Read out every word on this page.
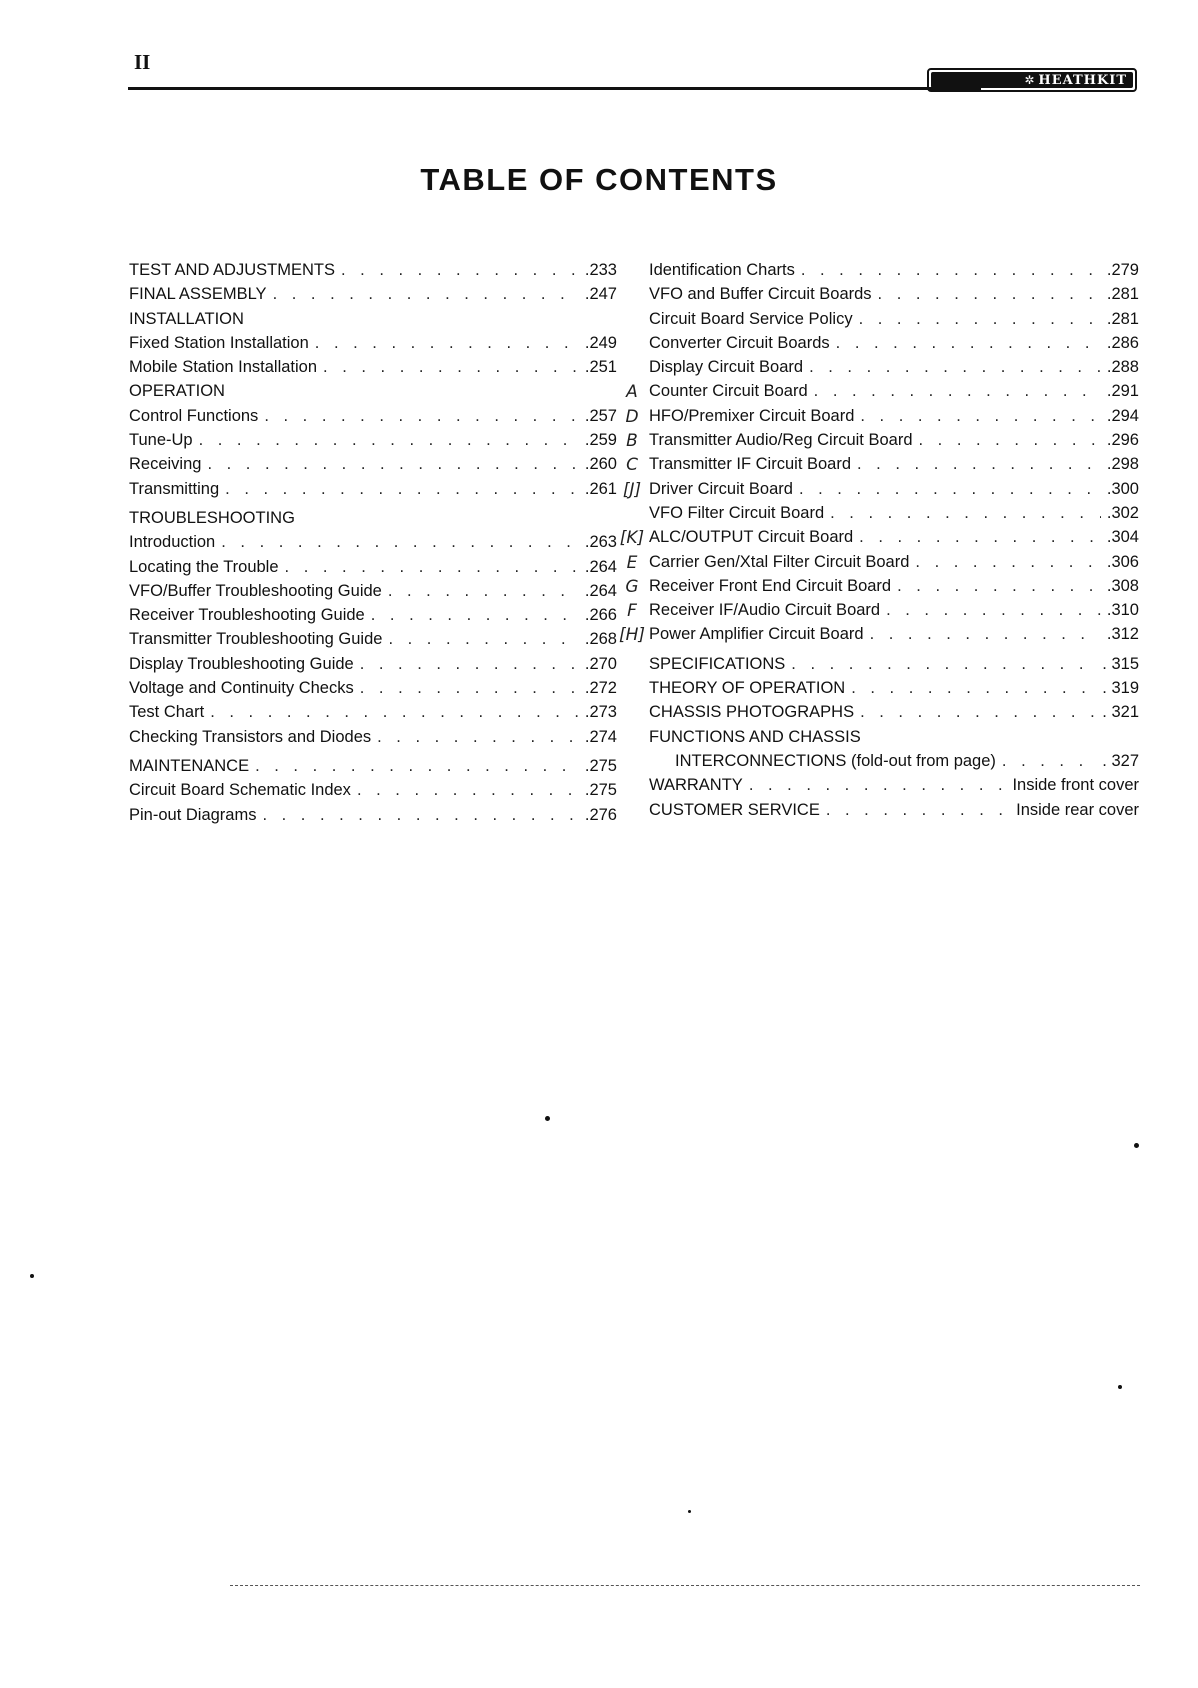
II
✲ HEATHKIT
TABLE OF CONTENTS
TEST AND ADJUSTMENTS . . .	.233
FINAL ASSEMBLY . . .	.247
INSTALLATION
Fixed Station Installation . . .	.249
Mobile Station Installation . . .	.251
OPERATION
Control Functions . . .	.257
Tune-Up . . .	.259
Receiving . . .	.260
Transmitting . . .	.261
TROUBLESHOOTING
Introduction . . .	.263
Locating the Trouble . . .	.264
VFO/Buffer Troubleshooting Guide . . .	.264
Receiver Troubleshooting Guide . . .	.266
Transmitter Troubleshooting Guide . . .	.268
Display Troubleshooting Guide . . .	.270
Voltage and Continuity Checks . . .	.272
Test Chart . . .	.273
Checking Transistors and Diodes . . .	.274
MAINTENANCE . . .	.275
Circuit Board Schematic Index . . .	.275
Pin-out Diagrams . . .	.276
Identification Charts . . .	.279
VFO and Buffer Circuit Boards . . .	.281
Circuit Board Service Policy . . .	.281
Converter Circuit Boards . . .	.286
Display Circuit Board . . .	.288
A Counter Circuit Board . . .	.291
D HFO/Premixer Circuit Board . . .	.294
B Transmitter Audio/Reg Circuit Board . . .	.296
C Transmitter IF Circuit Board . . .	.298
[J] Driver Circuit Board . . .	.300
VFO Filter Circuit Board . . .	.302
[K] ALC/OUTPUT Circuit Board . . .	.304
E Carrier Gen/Xtal Filter Circuit Board . . .	.306
G Receiver Front End Circuit Board . . .	.308
F Receiver IF/Audio Circuit Board . . .	.310
[H] Power Amplifier Circuit Board . . .	.312
SPECIFICATIONS . . .	. 315
THEORY OF OPERATION . . .	. 319
CHASSIS PHOTOGRAPHS . . .	. 321
FUNCTIONS AND CHASSIS
INTERCONNECTIONS (fold-out from page) . . .	. 327
WARRANTY . . .	Inside front cover
CUSTOMER SERVICE . . .	Inside rear cover
